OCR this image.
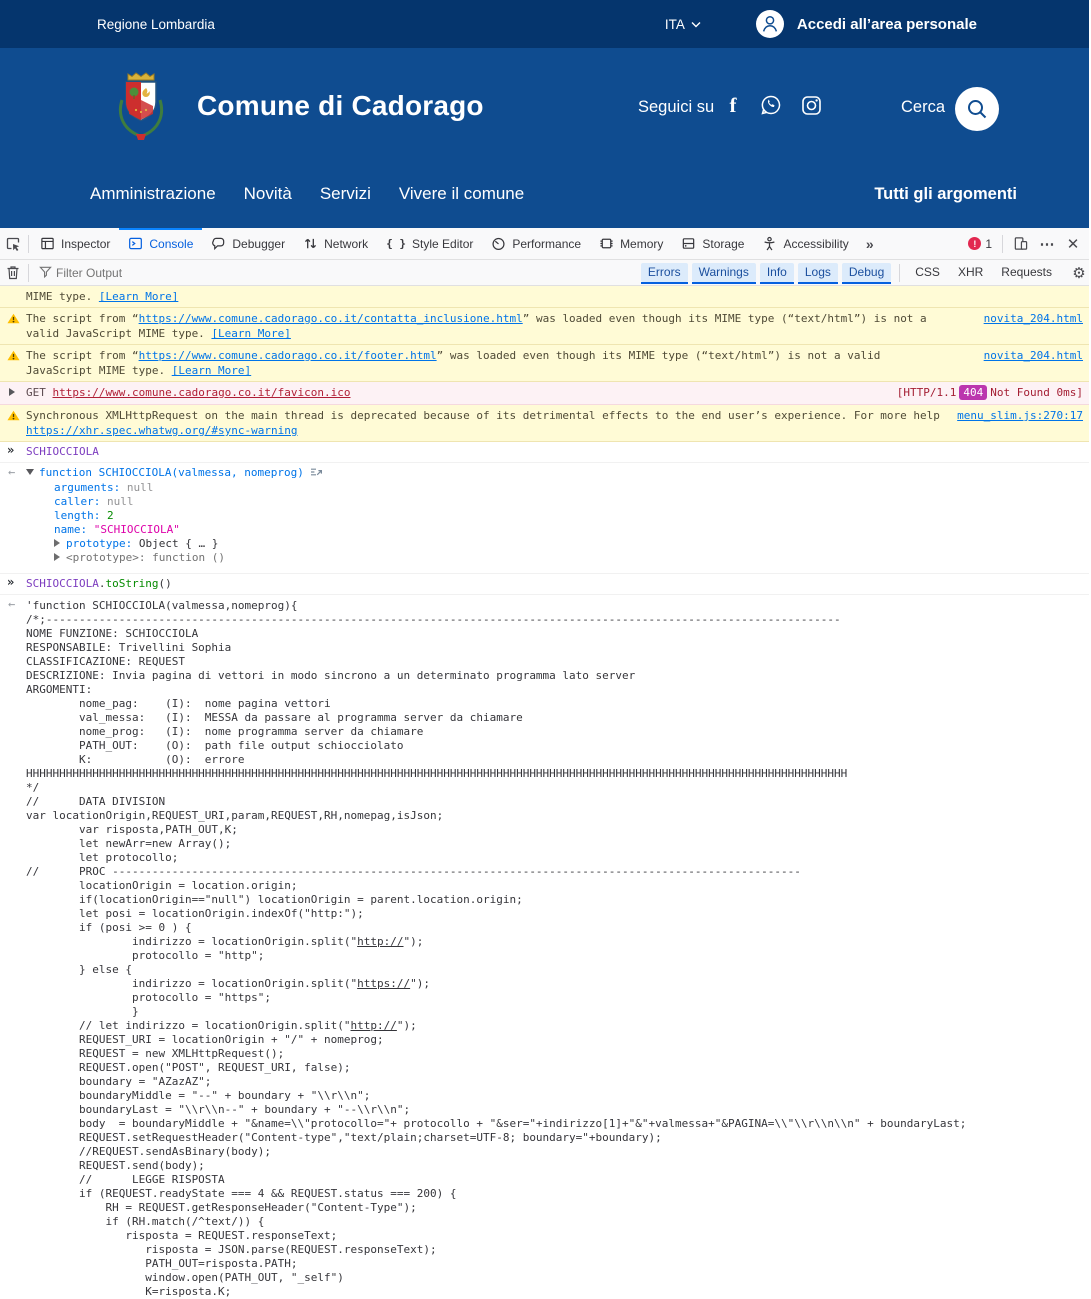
Regione Lombardia	ITA	Accedi all’area personale
Comune di Cadorago	Seguici su f	Cerca
Amministrazione Novità Servizi Vivere il comune	Tutti gli argomenti
Inspector	Console	Debugger	Network { } Style Editor	Performance	Memory	Storage	Accessibility	»	! 1	⋯ ✕
Filter Output
Errors	Warnings	Info	Logs	Debug	CSS	XHR	Requests	⚙
MIME type. [Learn More]
The script from “https://www.comune.cadorago.co.it/contatta_inclusione.html” was loaded even though its MIME type (“text/html”) is not a valid JavaScript MIME type. [Learn More]
novita_204.html
The script from “https://www.comune.cadorago.co.it/footer.html” was loaded even though its MIME type (“text/html”) is not a valid JavaScript MIME type. [Learn More]
novita_204.html
GET https://www.comune.cadorago.co.it/favicon.ico	[HTTP/1.1 404 Not Found 0ms]
Synchronous XMLHttpRequest on the main thread is deprecated because of its detrimental effects to the end user’s experience. For more help https://xhr.spec.whatwg.org/#sync-warning
menu_slim.js:270:17
» SCHIOCCIOLA
← function SCHIOCCIOLA(valmessa, nomeprog)
arguments: null
caller: null
length: 2
name: "SCHIOCCIOLA"
prototype: Object { … }
<prototype>: function ()
» SCHIOCCIOLA.toString()
← 'function SCHIOCCIOLA(valmessa,nomeprog){
/*;------------------------------------------------------------------------------------------------------------------------
NOME FUNZIONE: SCHIOCCIOLA
RESPONSABILE: Trivellini Sophia
CLASSIFICAZIONE: REQUEST
DESCRIZIONE: Invia pagina di vettori in modo sincrono a un determinato programma lato server
ARGOMENTI:
nome_pag:    (I):  nome pagina vettori
val_messa:   (I):  MESSA da passare al programma server da chiamare
nome_prog:   (I):  nome programma server da chiamare
PATH_OUT:    (O):  path file output schiocciolato
K:           (O):  errore
HHHHHHHHHHHHHHHHHHHHHHHHHHHHHHHHHHHHHHHHHHHHHHHHHHHHHHHHHHHHHHHHHHHHHHHHHHHHHHHHHHHHHHHHHHHHHHHHHHHHHHHHHHHHHHHHHHHHHHHHHHHH
*/
//      DATA DIVISION
var locationOrigin,REQUEST_URI,param,REQUEST,RH,nomepag,isJson;
var risposta,PATH_OUT,K;
let newArr=new Array();
let protocollo;
//      PROC --------------------------------------------------------------------------------------------------------
locationOrigin = location.origin;
if(locationOrigin=="null") locationOrigin = parent.location.origin;
let posi = locationOrigin.indexOf("http:");
if (posi >= 0 ) {
indirizzo = locationOrigin.split("http://");
protocollo = "http";
} else {
indirizzo = locationOrigin.split("https://");
protocollo = "https";
}
// let indirizzo = locationOrigin.split("http://");
REQUEST_URI = locationOrigin + "/" + nomeprog;
REQUEST = new XMLHttpRequest();
REQUEST.open("POST", REQUEST_URI, false);
boundary = "AZazAZ";
boundaryMiddle = "--" + boundary + "\\r\\n";
boundaryLast = "\\r\\n--" + boundary + "--\\r\\n";
body  = boundaryMiddle + "&name=\\"protocollo="+ protocollo + "&ser="+indirizzo[1]+"&"+valmessa+"&PAGINA=\\"\\r\\n\\n" + boundaryLast;
REQUEST.setRequestHeader("Content-type","text/plain;charset=UTF-8; boundary="+boundary);
//REQUEST.sendAsBinary(body);
REQUEST.send(body);
//      LEGGE RISPOSTA
if (REQUEST.readyState === 4 && REQUEST.status === 200) {
RH = REQUEST.getResponseHeader("Content-Type");
if (RH.match(/^text/)) {
risposta = REQUEST.responseText;
risposta = JSON.parse(REQUEST.responseText);
PATH_OUT=risposta.PATH;
window.open(PATH_OUT, "_self")
K=risposta.K;
